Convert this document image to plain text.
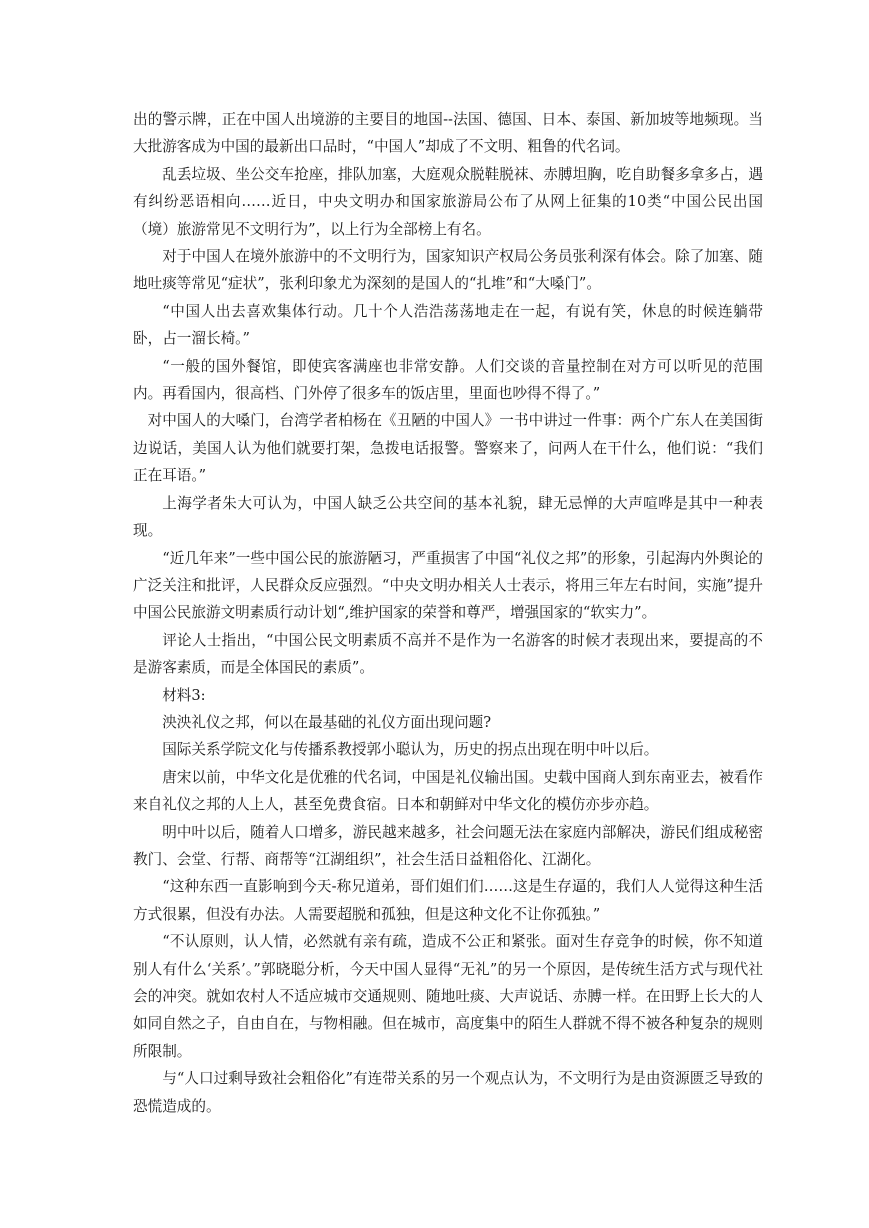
出的警示牌，正在中国人出境游的主要目的地国--法国、德国、日本、泰国、新加坡等地频现。当大批游客成为中国的最新出口品时，“中国人”却成了不文明、粗鲁的代名词。

乱丢垃圾、坐公交车抢座，排队加塞，大庭观众脱鞋脱袜、赤膊坦胸，吃自助餐多拿多占，遇有纠纷恶语相向……近日，中央文明办和国家旅游局公布了从网上征集的10类“中国公民出国（境）旅游常见不文明行为”，以上行为全部榜上有名。

对于中国人在境外旅游中的不文明行为，国家知识产权局公务员张利深有体会。除了加塞、随地吐痰等常见“症状”，张利印象尤为深刻的是国人的“扎堆”和“大嗓门”。

“中国人出去喜欢集体行动。几十个人浩浩荡荡地走在一起，有说有笑，休息的时候连躺带卧，占一溜长椅。”

“一般的国外餐馆，即使宾客满座也非常安静。人们交谈的音量控制在对方可以听见的范围内。再看国内，很高档、门外停了很多车的饭店里，里面也吵得不得了。”

对中国人的大嗓门，台湾学者柏杨在《丑陋的中国人》一书中讲过一件事：两个广东人在美国街边说话，美国人认为他们就要打架，急拨电话报警。警察来了，问两人在干什么，他们说：“我们正在耳语。”

上海学者朱大可认为，中国人缺乏公共空间的基本礼貌，肆无忌惮的大声喧哗是其中一种表现。

“近几年来”一些中国公民的旅游陋习，严重损害了中国“礼仪之邦”的形象，引起海内外舆论的广泛关注和批评，人民群众反应强烈。“中央文明办相关人士表示，将用三年左右时间，实施”提升中国公民旅游文明素质行动计划“,维护国家的荣誉和尊严，增强国家的“软实力”。

评论人士指出，“中国公民文明素质不高并不是作为一名游客的时候才表现出来，要提高的不是游客素质，而是全体国民的素质”。

材料3:

泱泱礼仪之邦，何以在最基础的礼仪方面出现问题?

国际关系学院文化与传播系教授郭小聪认为，历史的拐点出现在明中叶以后。

唐宋以前，中华文化是优雅的代名词，中国是礼仪输出国。史载中国商人到东南亚去，被看作来自礼仪之邦的人上人，甚至免费食宿。日本和朝鲜对中华文化的模仿亦步亦趋。

明中叶以后，随着人口增多，游民越来越多，社会问题无法在家庭内部解决，游民们组成秘密教门、会堂、行帮、商帮等“江湖组织”，社会生活日益粗俗化、江湖化。

“这种东西一直影响到今天-称兄道弟，哥们姐们们……这是生存逼的，我们人人觉得这种生活方式很累，但没有办法。人需要超脱和孤独，但是这种文化不让你孤独。”

“不认原则，认人情，必然就有亲有疏，造成不公正和紧张。面对生存竞争的时候，你不知道别人有什么‘关系’。”郭晓聪分析，今天中国人显得“无礼”的另一个原因，是传统生活方式与现代社会的冲突。就如农村人不适应城市交通规则、随地吐痰、大声说话、赤膊一样。在田野上长大的人如同自然之子，自由自在，与物相融。但在城市，高度集中的陌生人群就不得不被各种复杂的规则所限制。

与“人口过剩导致社会粗俗化”有连带关系的另一个观点认为，不文明行为是由资源匮乏导致的恐慌造成的。
